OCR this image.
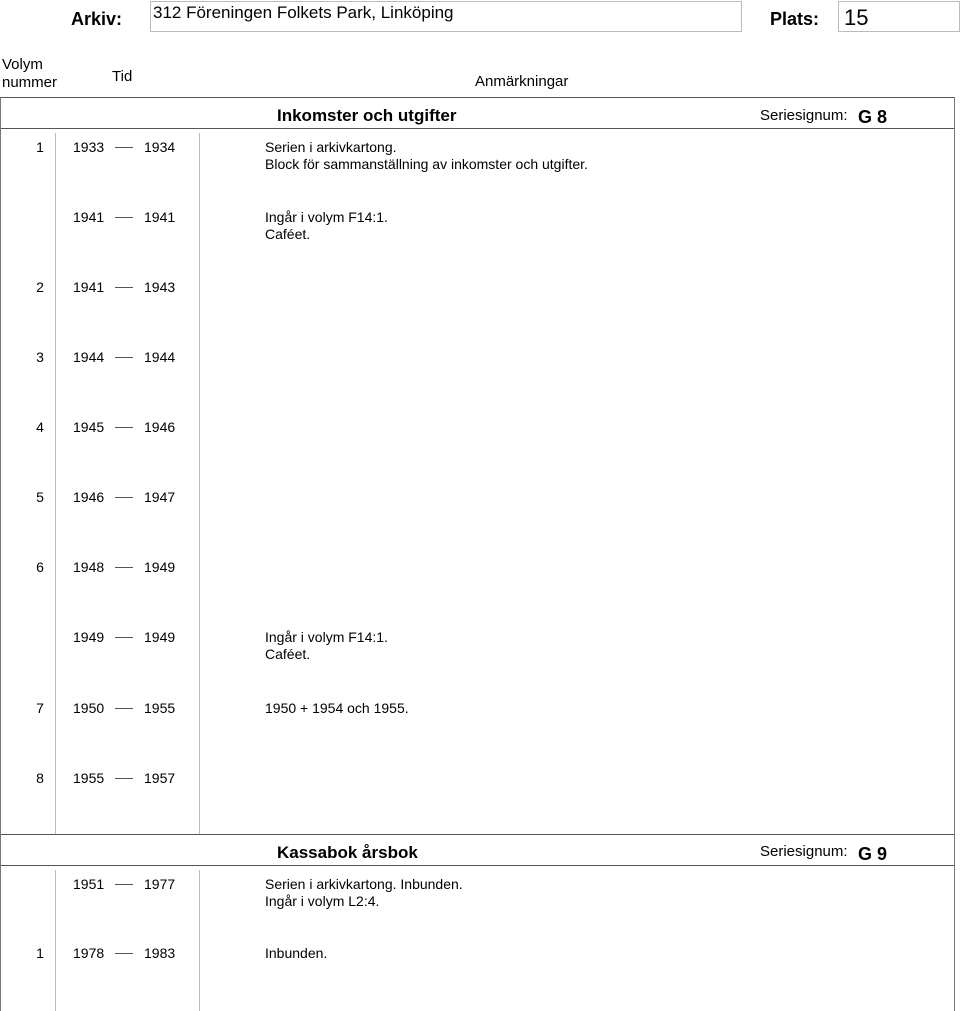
Arkiv: 312 Föreningen Folkets Park, Linköping	Plats: 15
Volym
nummer	Tid	Anmärkningar
Inkomster och utgifter	Seriesignum: G 8
1 1933	1934	Serien i arkivkartong.
Block för sammanställning av inkomster och utgifter.
1941	1941	Ingår i volym F14:1.
Caféet.
2 1941	1943
3 1944	1944
4 1945	1946
5 1946	1947
6 1948	1949
1949	1949	Ingår i volym F14:1.
Caféet.
7 1950	1955	1950 + 1954 och 1955.
8 1955	1957
Kassabok årsbok	Seriesignum: G 9
1951	1977	Serien i arkivkartong. Inbunden.
Ingår i volym L2:4.
1 1978	1983	Inbunden.
